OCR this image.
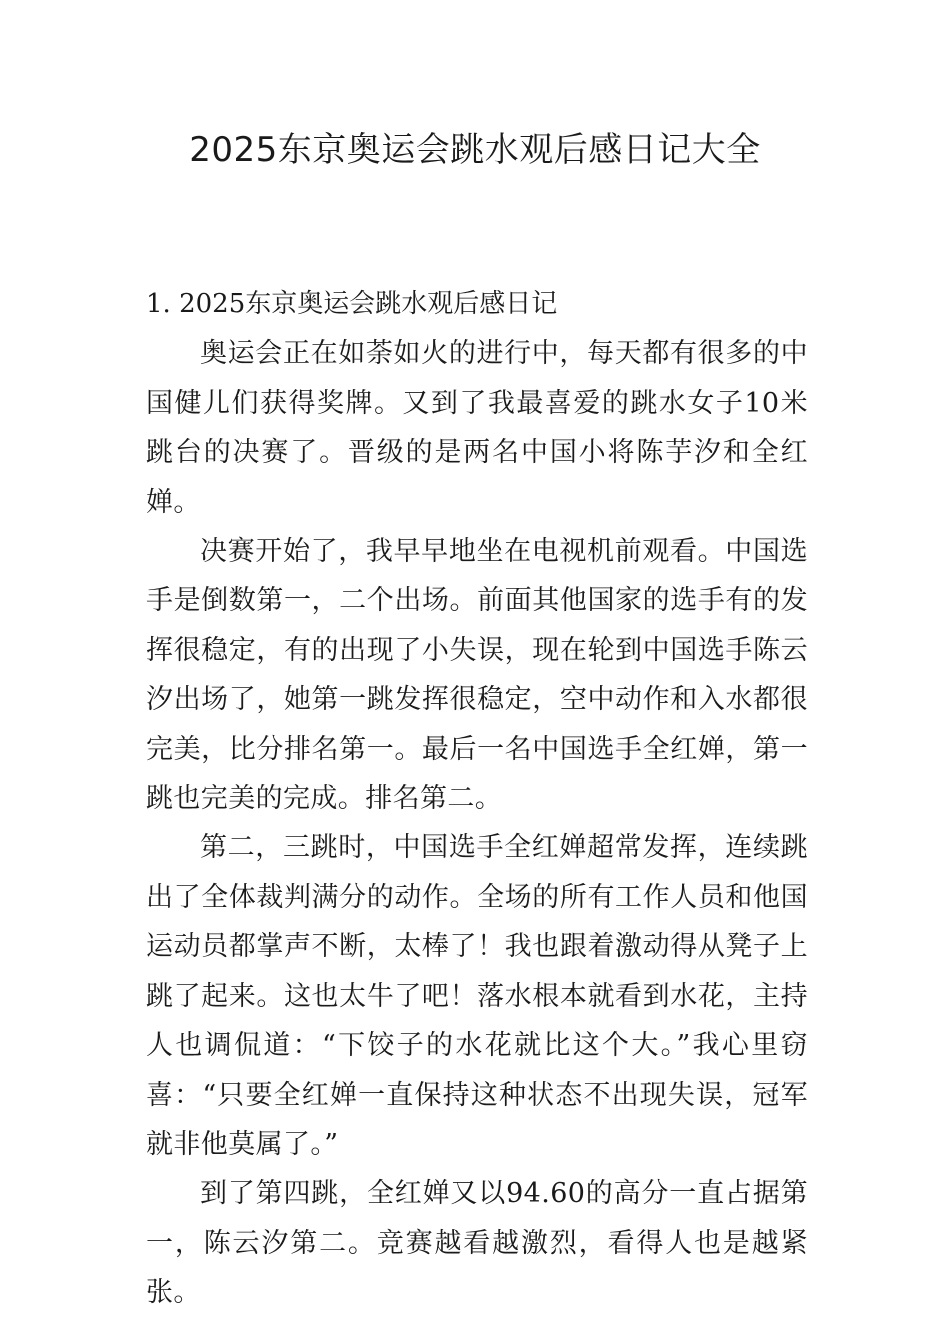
2025东京奥运会跳水观后感日记大全

1. 2025东京奥运会跳水观后感日记

奥运会正在如荼如火的进行中，每天都有很多的中国健儿们获得奖牌。又到了我最喜爱的跳水女子10米跳台的决赛了。晋级的是两名中国小将陈芋汐和全红婵。

决赛开始了，我早早地坐在电视机前观看。中国选手是倒数第一，二个出场。前面其他国家的选手有的发挥很稳定，有的出现了小失误，现在轮到中国选手陈云汐出场了，她第一跳发挥很稳定，空中动作和入水都很完美，比分排名第一。最后一名中国选手全红婵，第一跳也完美的完成。排名第二。

第二，三跳时，中国选手全红婵超常发挥，连续跳出了全体裁判满分的动作。全场的所有工作人员和他国运动员都掌声不断，太棒了！我也跟着激动得从凳子上跳了起来。这也太牛了吧！落水根本就看到水花，主持人也调侃道：“下饺子的水花就比这个大。”我心里窃喜：“只要全红婵一直保持这种状态不出现失误，冠军就非他莫属了。”

到了第四跳，全红婵又以94.60的高分一直占据第一，陈云汐第二。竞赛越看越激烈，看得人也是越紧张。
